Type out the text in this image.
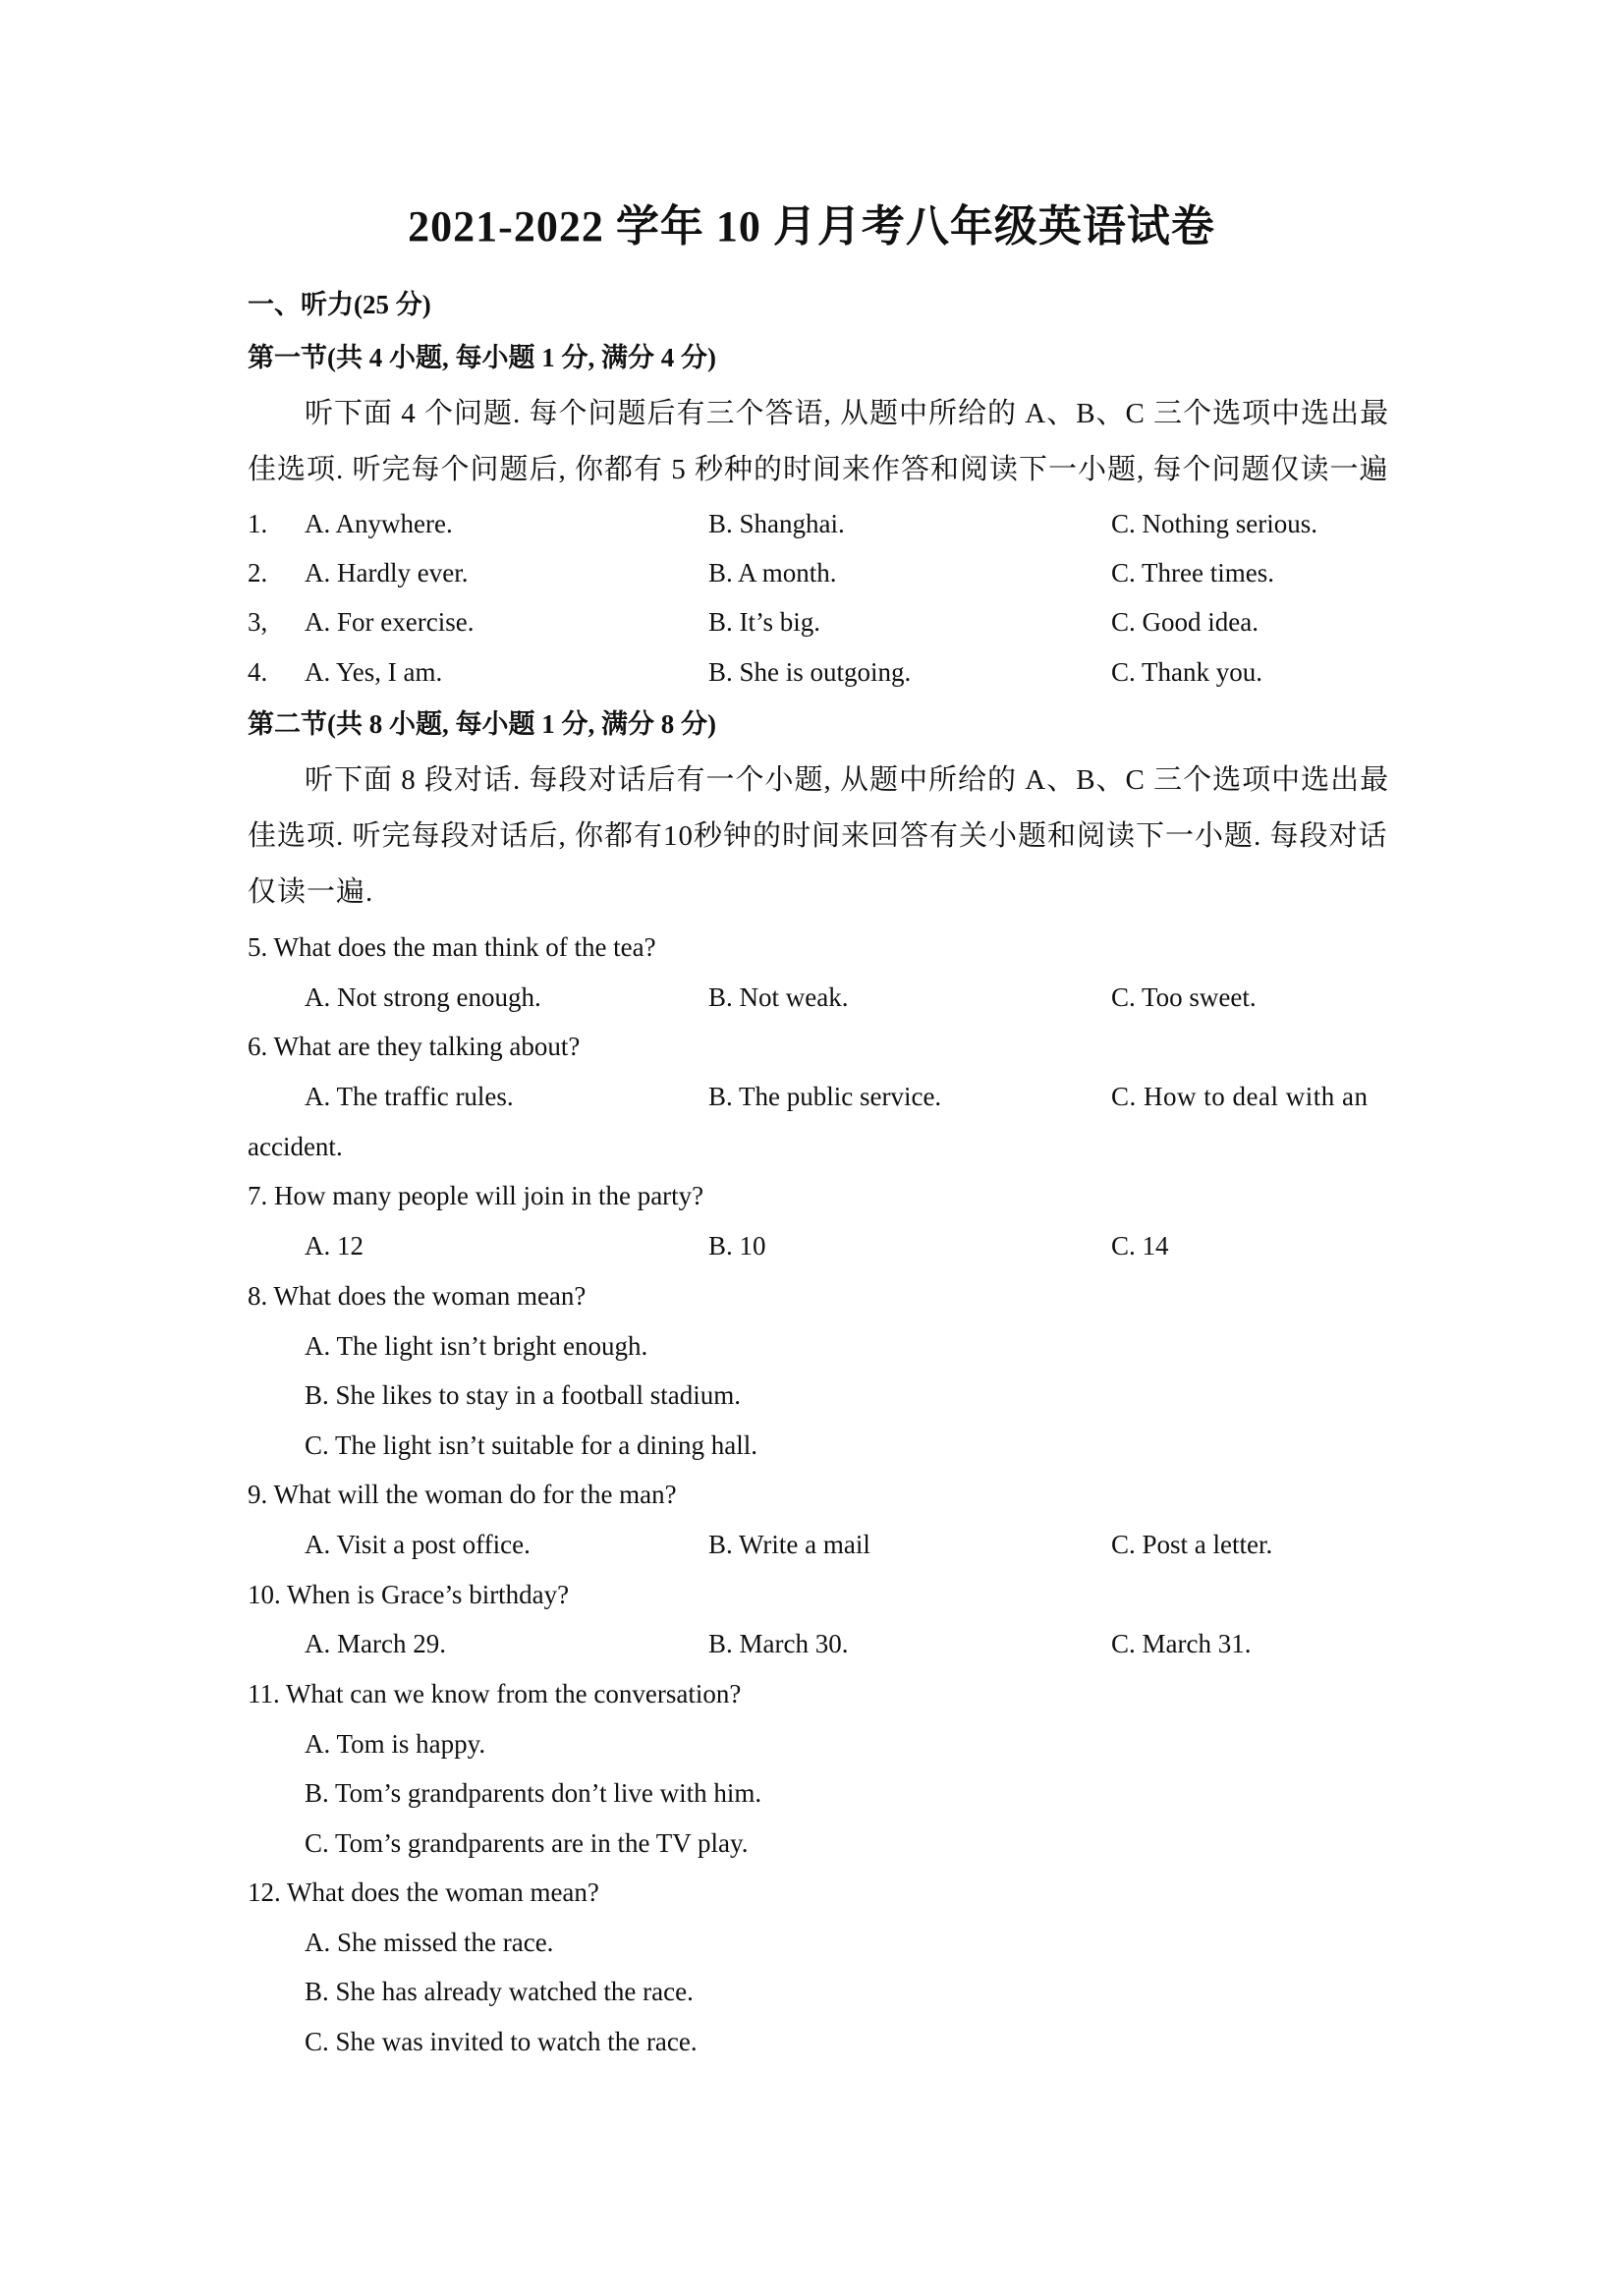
2021-2022 学年 10 月月考八年级英语试卷
一、听力(25 分)
第一节(共 4 小题, 每小题 1 分, 满分 4 分)
听下面 4 个问题. 每个问题后有三个答语, 从题中所给的 A、B、C 三个选项中选出最
佳选项. 听完每个问题后, 你都有 5 秒种的时间来作答和阅读下一小题, 每个问题仅读一遍
1. A. Anywhere.	B. Shanghai.	C. Nothing serious.
2. A. Hardly ever.	B. A month.	C. Three times.
3, A. For exercise.	B. It’s big.	C. Good idea.
4. A. Yes, I am.	B. She is outgoing.	C. Thank you.
第二节(共 8 小题, 每小题 1 分, 满分 8 分)
听下面 8 段对话. 每段对话后有一个小题, 从题中所给的 A、B、C 三个选项中选出最
佳选项. 听完每段对话后, 你都有10秒钟的时间来回答有关小题和阅读下一小题. 每段对话
仅读一遍.
5. What does the man think of the tea?
A. Not strong enough.	B. Not weak.	C. Too sweet.
6. What are they talking about?
A. The traffic rules.	B. The public service.	C. How to deal with an
accident.
7. How many people will join in the party?
A. 12	B. 10	C. 14
8. What does the woman mean?
A. The light isn’t bright enough.
B. She likes to stay in a football stadium.
C. The light isn’t suitable for a dining hall.
9. What will the woman do for the man?
A. Visit a post office.	B. Write a mail	C. Post a letter.
10. When is Grace’s birthday?
A. March 29.	B. March 30.	C. March 31.
11. What can we know from the conversation?
A. Tom is happy.
B. Tom’s grandparents don’t live with him.
C. Tom’s grandparents are in the TV play.
12. What does the woman mean?
A. She missed the race.
B. She has already watched the race.
C. She was invited to watch the race.
